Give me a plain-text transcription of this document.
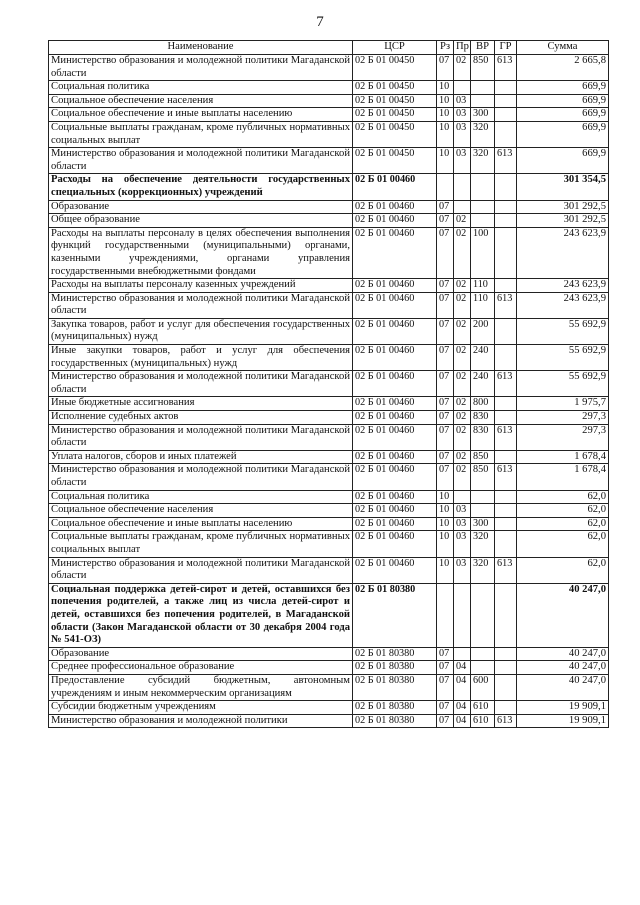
7
Наименование	ЦСР	Рз	Пр	ВР	ГР	Сумма
Министерство образования и молодежной политики Магаданской области	02 Б 01 00450	07	02	850	613	2 665,8
Социальная политика	02 Б 01 00450	10				669,9
Социальное обеспечение населения	02 Б 01 00450	10	03			669,9
Социальное обеспечение и иные выплаты населению	02 Б 01 00450	10	03	300		669,9
Социальные выплаты гражданам, кроме публичных нормативных социальных выплат	02 Б 01 00450	10	03	320		669,9
Министерство образования и молодежной политики Магаданской области	02 Б 01 00450	10	03	320	613	669,9
Расходы на обеспечение деятельности государственных специальных (коррекционных) учреждений	02 Б 01 00460					301 354,5
Образование	02 Б 01 00460	07				301 292,5
Общее образование	02 Б 01 00460	07	02			301 292,5
Расходы на выплаты персоналу в целях обеспечения выполнения функций государственными (муниципальными) органами, казенными учреждениями, органами управления государственными внебюджетными фондами	02 Б 01 00460	07	02	100		243 623,9
Расходы на выплаты персоналу казенных учреждений	02 Б 01 00460	07	02	110		243 623,9
Министерство образования и молодежной политики Магаданской области	02 Б 01 00460	07	02	110	613	243 623,9
Закупка товаров, работ и услуг для обеспечения государственных (муниципальных) нужд	02 Б 01 00460	07	02	200		55 692,9
Иные закупки товаров, работ и услуг для обеспечения государственных (муниципальных) нужд	02 Б 01 00460	07	02	240		55 692,9
Министерство образования и молодежной политики Магаданской области	02 Б 01 00460	07	02	240	613	55 692,9
Иные бюджетные ассигнования	02 Б 01 00460	07	02	800		1 975,7
Исполнение судебных актов	02 Б 01 00460	07	02	830		297,3
Министерство образования и молодежной политики Магаданской области	02 Б 01 00460	07	02	830	613	297,3
Уплата налогов, сборов и иных платежей	02 Б 01 00460	07	02	850		1 678,4
Министерство образования и молодежной политики Магаданской области	02 Б 01 00460	07	02	850	613	1 678,4
Социальная политика	02 Б 01 00460	10				62,0
Социальное обеспечение населения	02 Б 01 00460	10	03			62,0
Социальное обеспечение и иные выплаты населению	02 Б 01 00460	10	03	300		62,0
Социальные выплаты гражданам, кроме публичных нормативных социальных выплат	02 Б 01 00460	10	03	320		62,0
Министерство образования и молодежной политики Магаданской области	02 Б 01 00460	10	03	320	613	62,0
Социальная поддержка детей-сирот и детей, оставшихся без попечения родителей, а также лиц из числа детей-сирот и детей, оставшихся без попечения родителей, в Магаданской области (Закон Магаданской области от 30 декабря 2004 года № 541-ОЗ)	02 Б 01 80380					40 247,0
Образование	02 Б 01 80380	07				40 247,0
Среднее профессиональное образование	02 Б 01 80380	07	04			40 247,0
Предоставление субсидий бюджетным, автономным учреждениям и иным некоммерческим организациям	02 Б 01 80380	07	04	600		40 247,0
Субсидии бюджетным учреждениям	02 Б 01 80380	07	04	610		19 909,1
Министерство образования и молодежной политики	02 Б 01 80380	07	04	610	613	19 909,1
